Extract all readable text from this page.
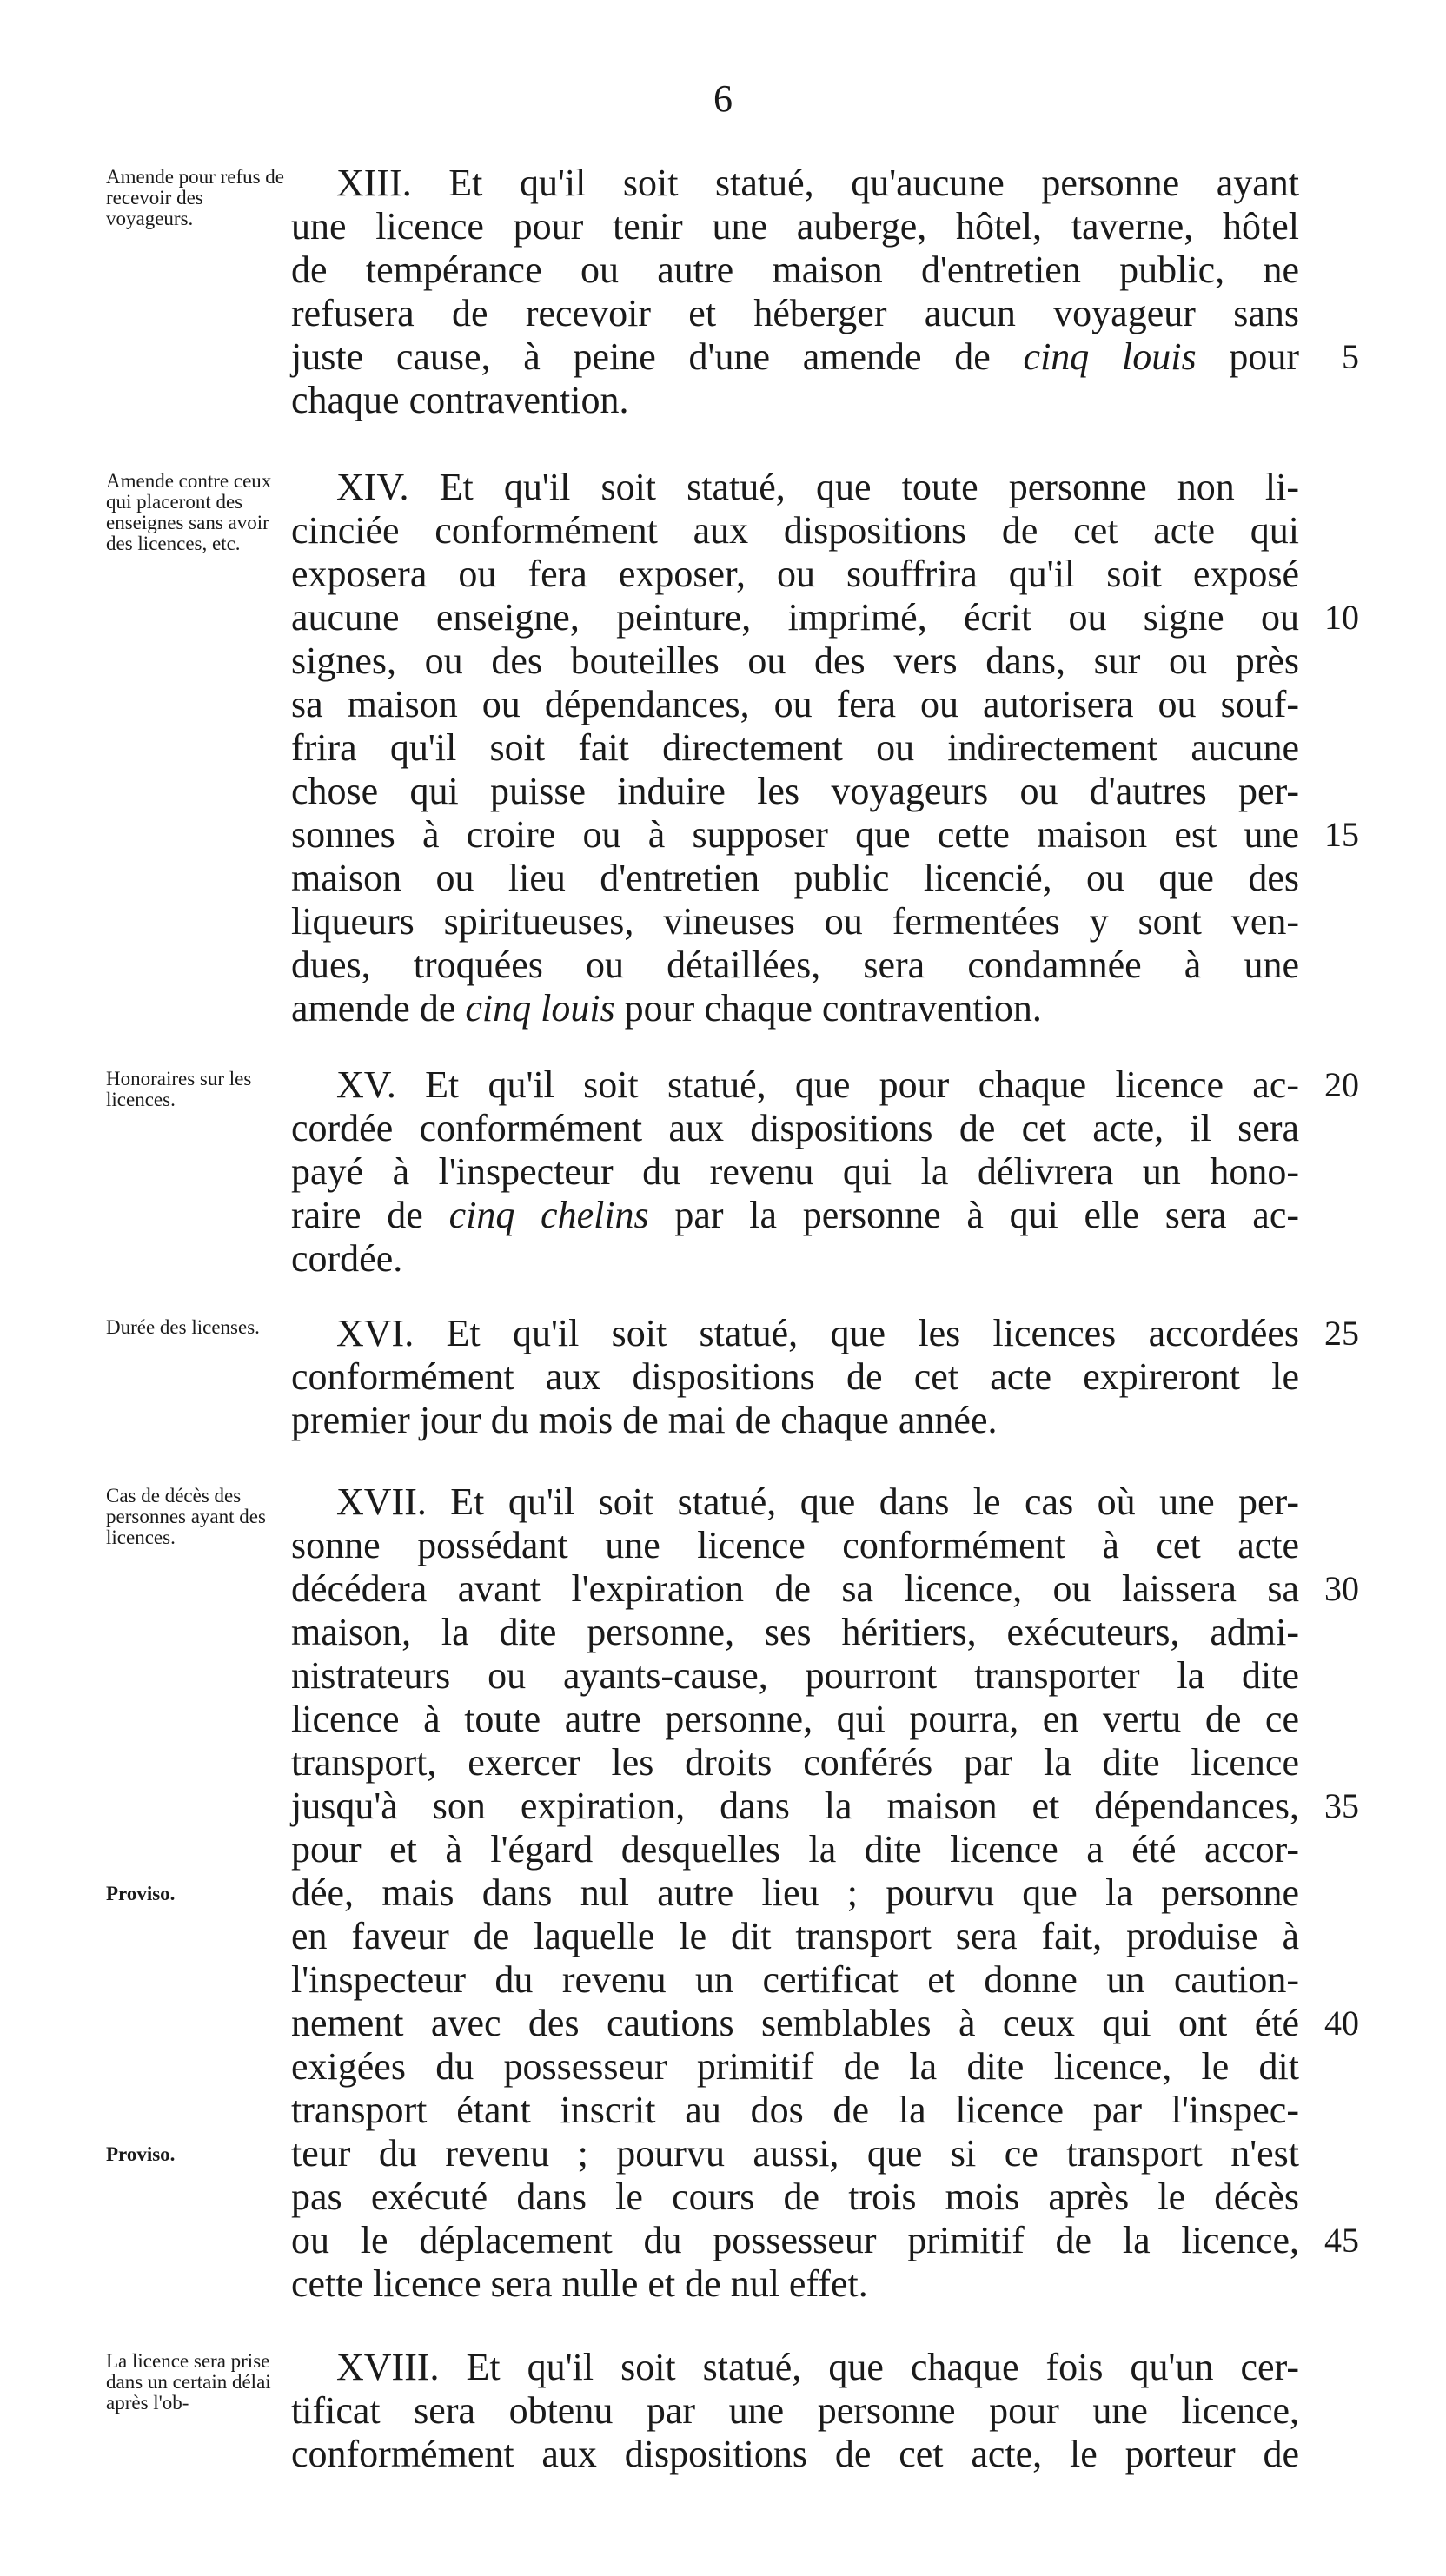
6
Amende pour refus de recevoir des voyageurs.
XIII. Et qu'il soit statué, qu'aucune personne ayant
une licence pour tenir une auberge, hôtel, taverne, hôtel
de tempérance ou autre maison d'entretien public, ne
refusera de recevoir et héberger aucun voyageur sans
juste cause, à peine d'une amende de cinq louis pour	5
chaque contravention.
Amende contre ceux qui placeront des enseignes sans avoir des licences, etc.
XIV. Et qu'il soit statué, que toute personne non li-
cinciée conformément aux dispositions de cet acte qui
exposera ou fera exposer, ou souffrira qu'il soit exposé
aucune enseigne, peinture, imprimé, écrit ou signe ou 10
signes, ou des bouteilles ou des vers dans, sur ou près
sa maison ou dépendances, ou fera ou autorisera ou souf-
frira qu'il soit fait directement ou indirectement aucune
chose qui puisse induire les voyageurs ou d'autres per-
sonnes à croire ou à supposer que cette maison est une 15
maison ou lieu d'entretien public licencié, ou que des
liqueurs spiritueuses, vineuses ou fermentées y sont ven-
dues, troquées ou détaillées, sera condamnée à une
amende de cinq louis pour chaque contravention.
Honoraires sur les licences.	XV. Et qu'il soit statué, que pour chaque licence ac- 20
cordée conformément aux dispositions de cet acte, il sera
payé à l'inspecteur du revenu qui la délivrera un hono-
raire de cinq chelins par la personne à qui elle sera ac-
cordée.
Durée des licenses.	XVI. Et qu'il soit statué, que les licences accordées 25
conformément aux dispositions de cet acte expireront le
premier jour du mois de mai de chaque année.
Cas de décès des personnes ayant des licences.
XVII. Et qu'il soit statué, que dans le cas où une per-
sonne possédant une licence conformément à cet acte
décédera avant l'expiration de sa licence, ou laissera sa 30
maison, la dite personne, ses héritiers, exécuteurs, admi-
nistrateurs ou ayants-cause, pourront transporter la dite
licence à toute autre personne, qui pourra, en vertu de ce
transport, exercer les droits conférés par la dite licence
jusqu'à son expiration, dans la maison et dépendances, 35
pour et à l'égard desquelles la dite licence a été accor-
dée, mais dans nul autre lieu ; pourvu que la personne
Proviso.
en faveur de laquelle le dit transport sera fait, produise à
l'inspecteur du revenu un certificat et donne un caution-
nement avec des cautions semblables à ceux qui ont été 40
exigées du possesseur primitif de la dite licence, le dit
transport étant inscrit au dos de la licence par l'inspec-
teur du revenu ; pourvu aussi, que si ce transport n'est
Proviso.
pas exécuté dans le cours de trois mois après le décès
ou le déplacement du possesseur primitif de la licence, 45
cette licence sera nulle et de nul effet.
La licence sera prise dans un certain délai après l'ob-
XVIII. Et qu'il soit statué, que chaque fois qu'un cer-
tificat sera obtenu par une personne pour une licence,
conformément aux dispositions de cet acte, le porteur de
